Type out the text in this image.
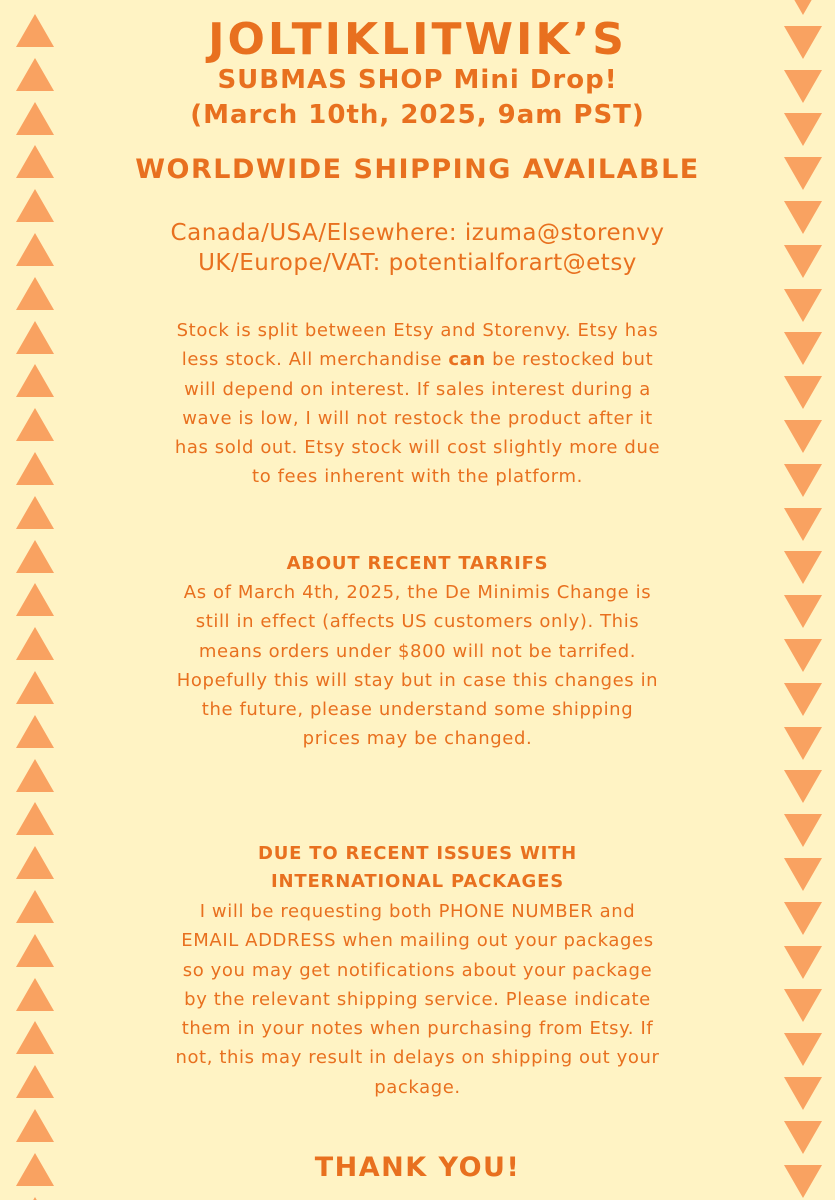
JOLTIKLITWIK’S
SUBMAS SHOP Mini Drop!
(March 10th, 2025, 9am PST)
WORLDWIDE SHIPPING AVAILABLE
Canada/USA/Elsewhere: izuma@storenvy
UK/Europe/VAT: potentialforart@etsy
Stock is split between Etsy and Storenvy. Etsy has less stock. All merchandise can be restocked but will depend on interest. If sales interest during a wave is low, I will not restock the product after it has sold out. Etsy stock will cost slightly more due to fees inherent with the platform.
ABOUT RECENT TARRIFS
As of March 4th, 2025, the De Minimis Change is still in effect (affects US customers only). This means orders under $800 will not be tarrifed. Hopefully this will stay but in case this changes in the future, please understand some shipping prices may be changed.
DUE TO RECENT ISSUES WITH
INTERNATIONAL PACKAGES
I will be requesting both PHONE NUMBER and EMAIL ADDRESS when mailing out your packages so you may get notifications about your package by the relevant shipping service. Please indicate them in your notes when purchasing from Etsy. If not, this may result in delays on shipping out your package.
THANK YOU!
